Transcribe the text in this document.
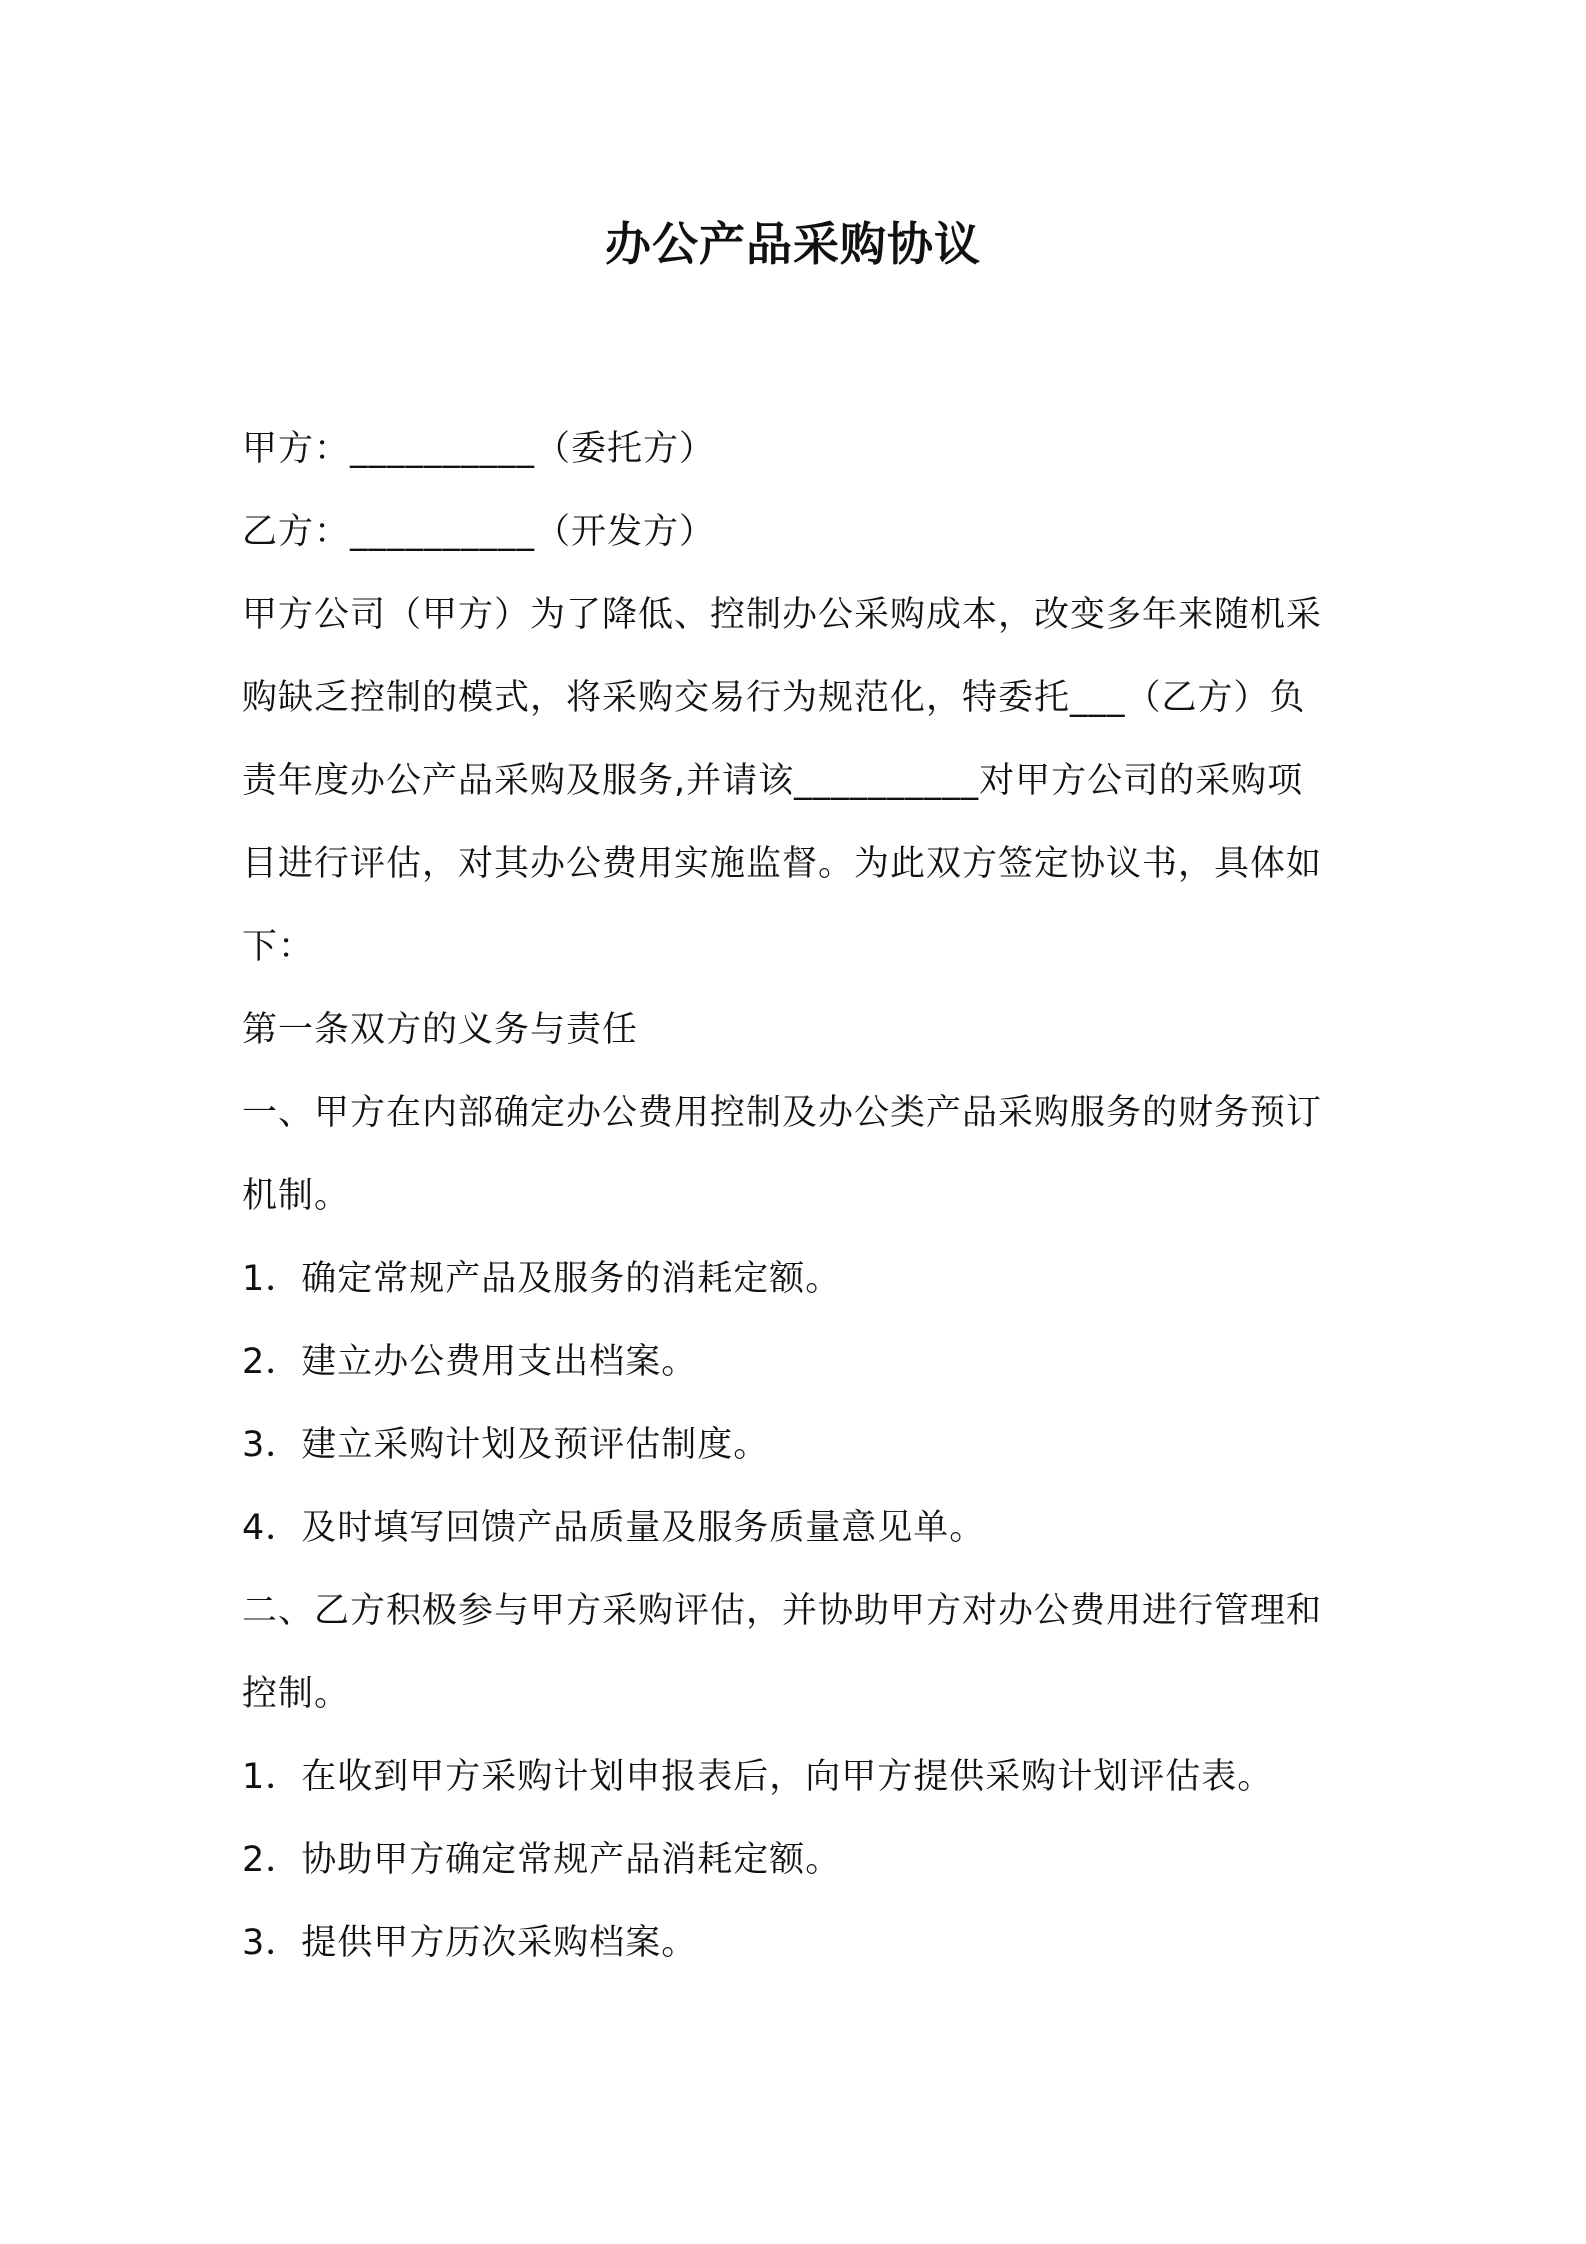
办公产品采购协议
甲方：__________（委托方）
乙方：__________（开发方）
甲方公司（甲方）为了降低、控制办公采购成本，改变多年来随机采
购缺乏控制的模式，将采购交易行为规范化，特委托___（乙方）负
责年度办公产品采购及服务,并请该__________对甲方公司的采购项
目进行评估，对其办公费用实施监督。为此双方签定协议书，具体如
下：
第一条双方的义务与责任
一、甲方在内部确定办公费用控制及办公类产品采购服务的财务预订
机制。
1．确定常规产品及服务的消耗定额。
2．建立办公费用支出档案。
3．建立采购计划及预评估制度。
4．及时填写回馈产品质量及服务质量意见单。
二、乙方积极参与甲方采购评估，并协助甲方对办公费用进行管理和
控制。
1．在收到甲方采购计划申报表后，向甲方提供采购计划评估表。
2．协助甲方确定常规产品消耗定额。
3．提供甲方历次采购档案。
